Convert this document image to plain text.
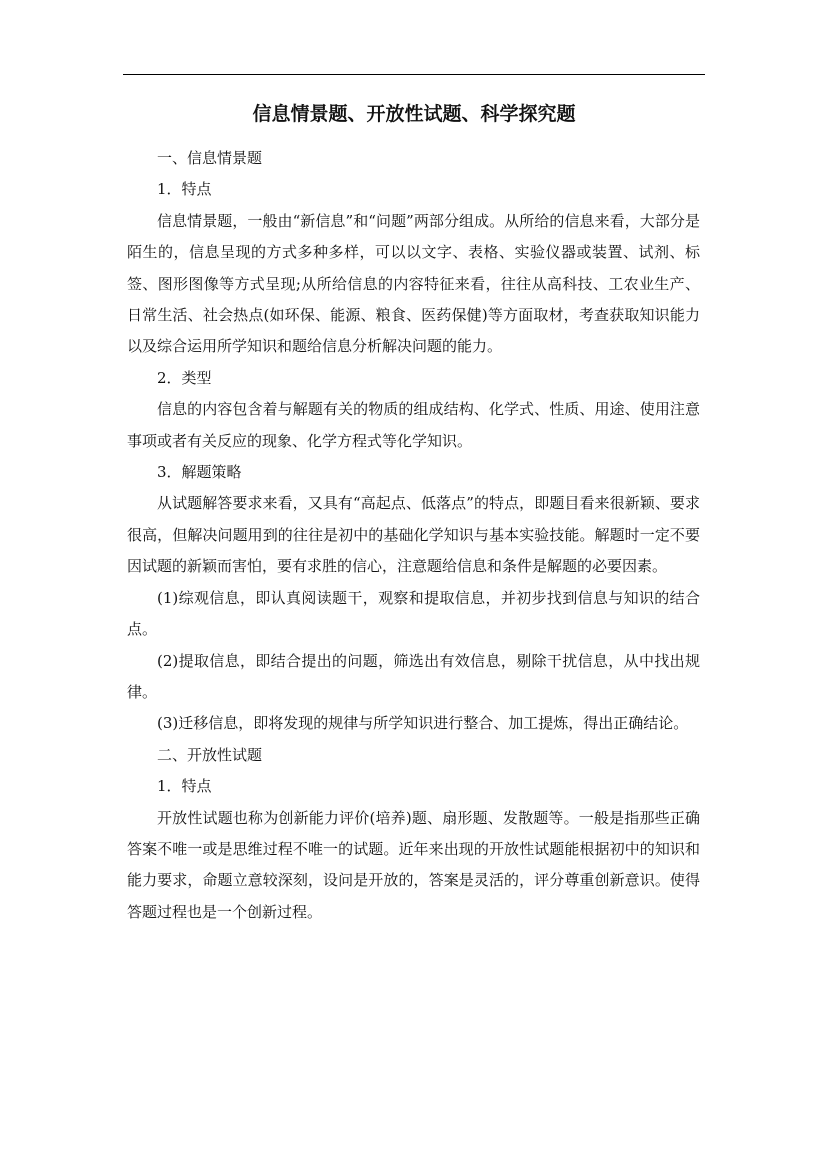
信息情景题、开放性试题、科学探究题

一、信息情景题

1．特点

信息情景题，一般由“新信息”和“问题”两部分组成。从所给的信息来看，大部分是陌生的，信息呈现的方式多种多样，可以以文字、表格、实验仪器或装置、试剂、标签、图形图像等方式呈现;从所给信息的内容特征来看，往往从高科技、工农业生产、日常生活、社会热点(如环保、能源、粮食、医药保健)等方面取材，考查获取知识能力以及综合运用所学知识和题给信息分析解决问题的能力。

2．类型

信息的内容包含着与解题有关的物质的组成结构、化学式、性质、用途、使用注意事项或者有关反应的现象、化学方程式等化学知识。

3．解题策略

从试题解答要求来看，又具有“高起点、低落点”的特点，即题目看来很新颖、要求很高，但解决问题用到的往往是初中的基础化学知识与基本实验技能。解题时一定不要因试题的新颖而害怕，要有求胜的信心，注意题给信息和条件是解题的必要因素。

(1)综观信息，即认真阅读题干，观察和提取信息，并初步找到信息与知识的结合点。

(2)提取信息，即结合提出的问题，筛选出有效信息，剔除干扰信息，从中找出规律。

(3)迁移信息，即将发现的规律与所学知识进行整合、加工提炼，得出正确结论。

二、开放性试题

1．特点

开放性试题也称为创新能力评价(培养)题、扇形题、发散题等。一般是指那些正确答案不唯一或是思维过程不唯一的试题。近年来出现的开放性试题能根据初中的知识和能力要求，命题立意较深刻，设问是开放的，答案是灵活的，评分尊重创新意识。使得答题过程也是一个创新过程。
